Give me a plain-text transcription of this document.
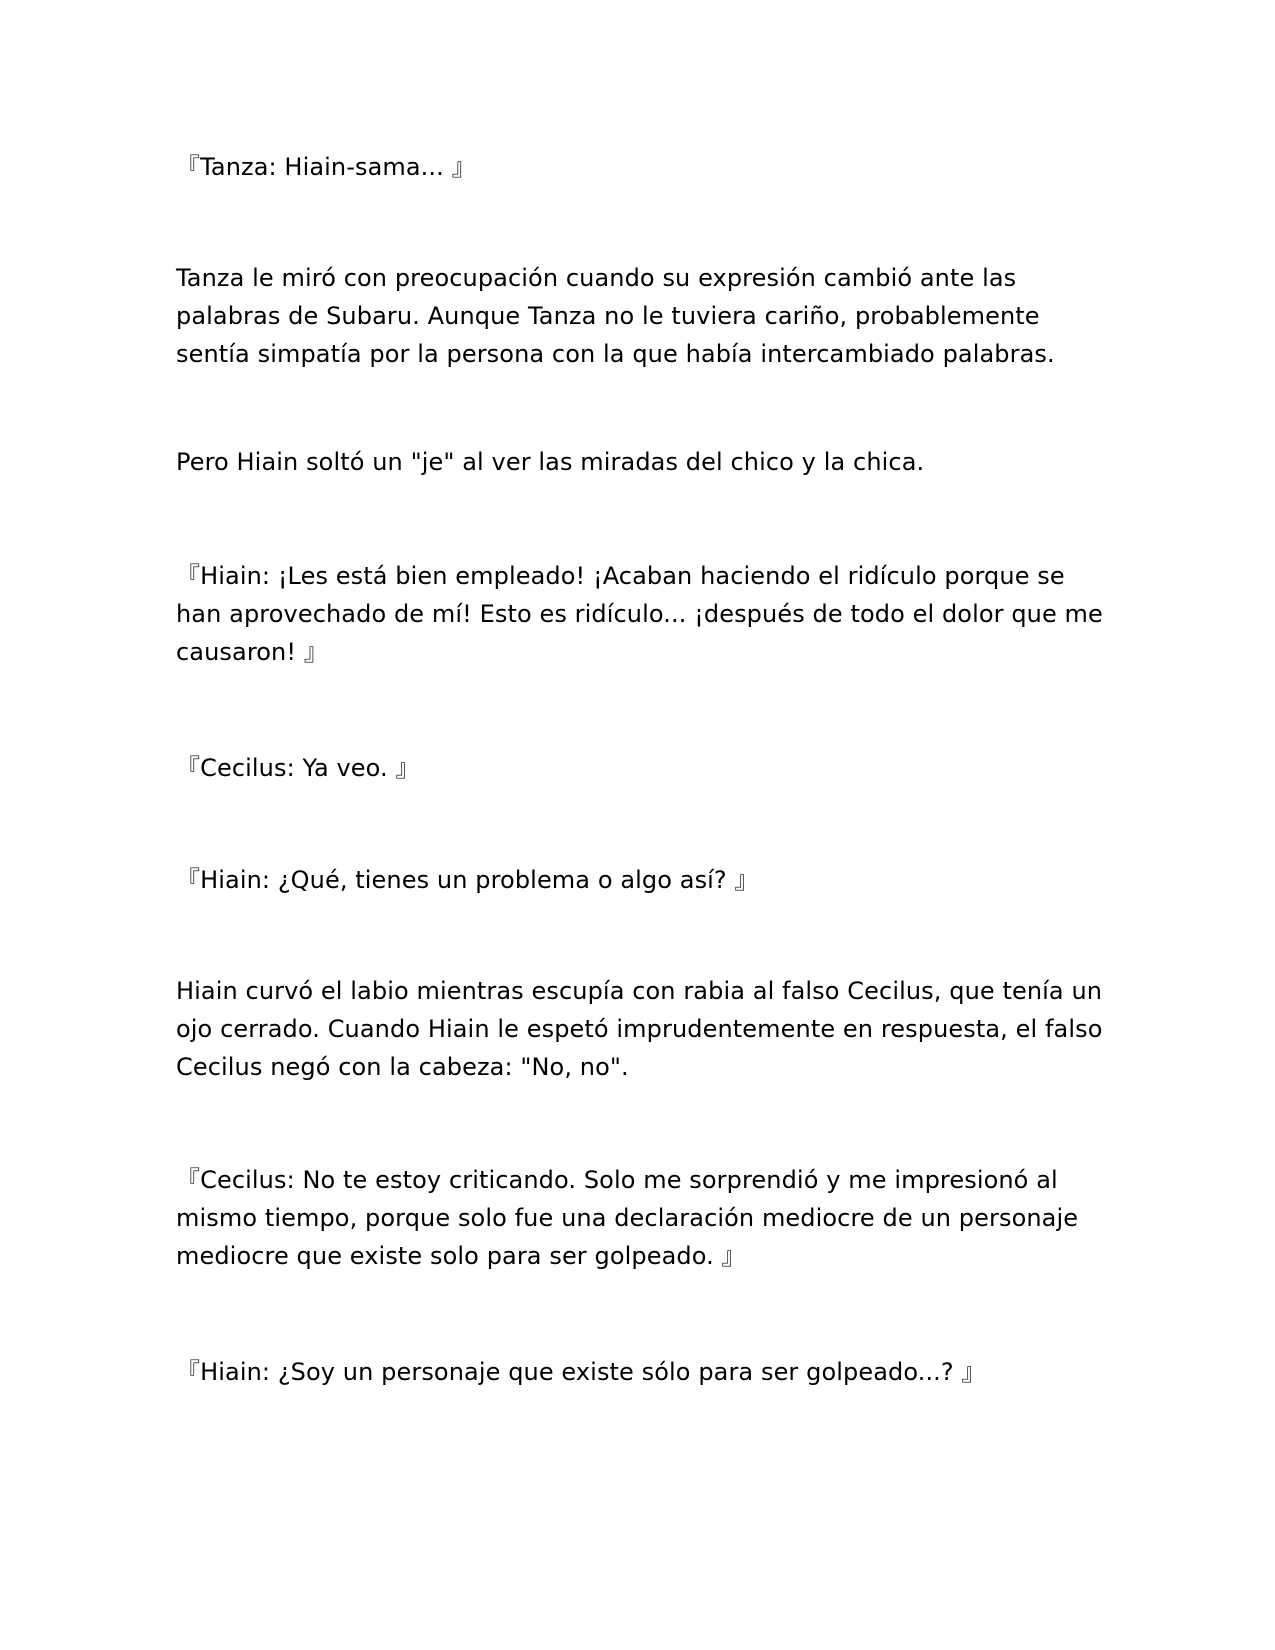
『Tanza: Hiain-sama... 』

Tanza le miró con preocupación cuando su expresión cambió ante las palabras de Subaru. Aunque Tanza no le tuviera cariño, probablemente sentía simpatía por la persona con la que había intercambiado palabras.

Pero Hiain soltó un "je" al ver las miradas del chico y la chica.

『Hiain: ¡Les está bien empleado! ¡Acaban haciendo el ridículo porque se han aprovechado de mí! Esto es ridículo... ¡después de todo el dolor que me causaron! 』

『Cecilus: Ya veo. 』

『Hiain: ¿Qué, tienes un problema o algo así? 』

Hiain curvó el labio mientras escupía con rabia al falso Cecilus, que tenía un ojo cerrado. Cuando Hiain le espetó imprudentemente en respuesta, el falso Cecilus negó con la cabeza: "No, no".

『Cecilus: No te estoy criticando. Solo me sorprendió y me impresionó al mismo tiempo, porque solo fue una declaración mediocre de un personaje mediocre que existe solo para ser golpeado. 』

『Hiain: ¿Soy un personaje que existe sólo para ser golpeado...? 』
